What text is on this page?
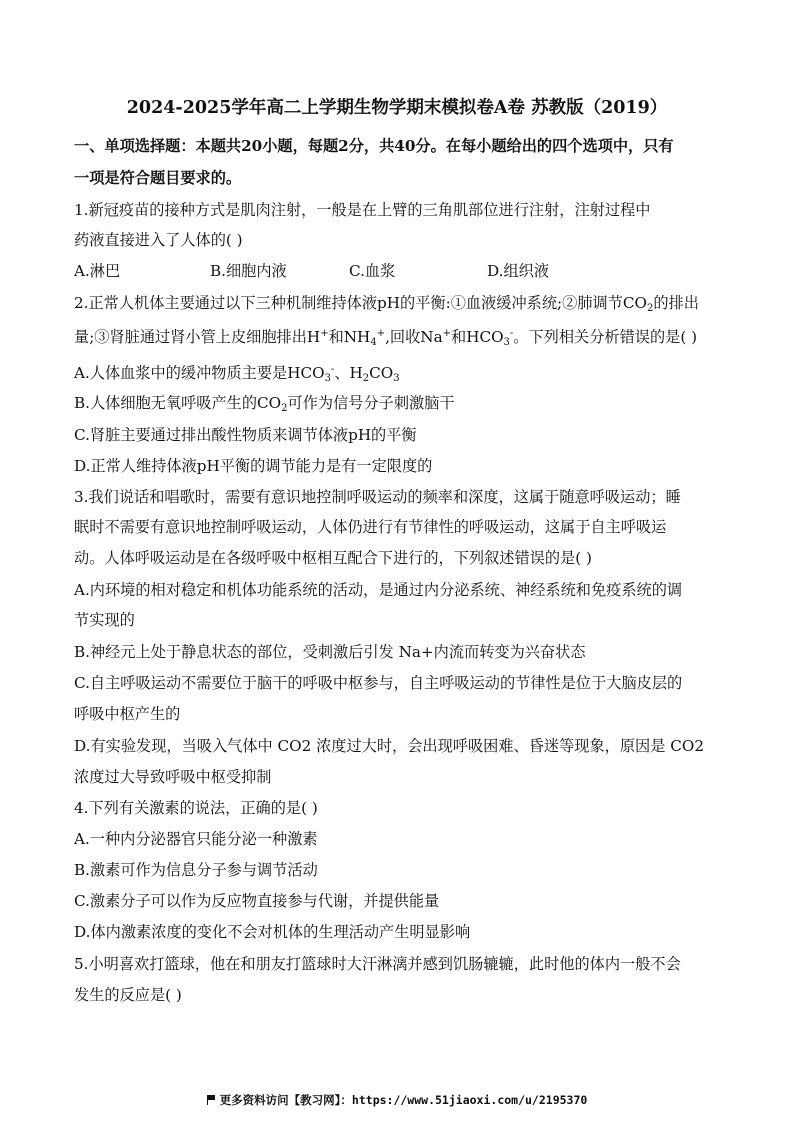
2024-2025学年高二上学期生物学期末模拟卷A卷 苏教版（2019）
一、单项选择题：本题共20小题，每题2分，共40分。在每小题给出的四个选项中，只有
一项是符合题目要求的。
1.新冠疫苗的接种方式是肌肉注射，一般是在上臂的三角肌部位进行注射，注射过程中
药液直接进入了人体的( )
A.淋巴	B.细胞内液	C.血浆	D.组织液
2.正常人机体主要通过以下三种机制维持体液pH的平衡:①血液缓冲系统;②肺调节$CO_2$的排出
量;③肾脏通过肾小管上皮细胞排出H+和$NH_4^+$,回收Na+和$HCO_3^-$。下列相关分析错误的是( )
A.人体血浆中的缓冲物质主要是$HCO_3^-$、$H_2CO_3$
B.人体细胞无氧呼吸产生的$CO_2$可作为信号分子刺激脑干
C.肾脏主要通过排出酸性物质来调节体液pH的平衡
D.正常人维持体液pH平衡的调节能力是有一定限度的
3.我们说话和唱歌时，需要有意识地控制呼吸运动的频率和深度，这属于随意呼吸运动；睡
眠时不需要有意识地控制呼吸运动，人体仍进行有节律性的呼吸运动，这属于自主呼吸运
动。人体呼吸运动是在各级呼吸中枢相互配合下进行的，下列叙述错误的是( )
A.内环境的相对稳定和机体功能系统的活动，是通过内分泌系统、神经系统和免疫系统的调
节实现的
B.神经元上处于静息状态的部位，受刺激后引发 Na+内流而转变为兴奋状态
C.自主呼吸运动不需要位于脑干的呼吸中枢参与，自主呼吸运动的节律性是位于大脑皮层的
呼吸中枢产生的
D.有实验发现，当吸入气体中 CO2 浓度过大时，会出现呼吸困难、昏迷等现象，原因是 CO2
浓度过大导致呼吸中枢受抑制
4.下列有关激素的说法，正确的是( )
A.一种内分泌器官只能分泌一种激素
B.激素可作为信息分子参与调节活动
C.激素分子可以作为反应物直接参与代谢，并提供能量
D.体内激素浓度的变化不会对机体的生理活动产生明显影响
5.小明喜欢打篮球，他在和朋友打篮球时大汗淋漓并感到饥肠辘辘，此时他的体内一般不会
发生的反应是( )
更多资料访问【教习网】：https://www.51jiaoxi.com/u/2195370
